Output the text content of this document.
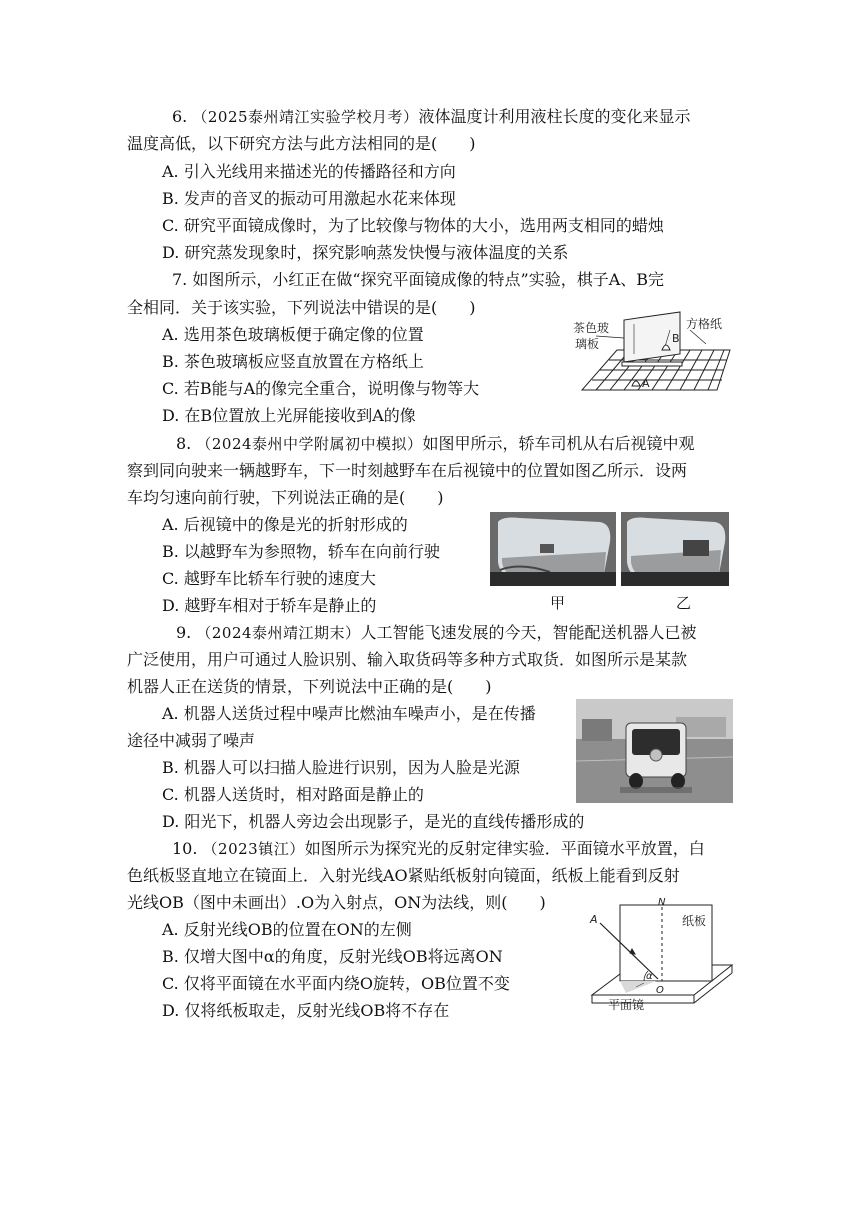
6. （2025泰州靖江实验学校月考）液体温度计利用液柱长度的变化来显示
温度高低，以下研究方法与此方法相同的是(　　)
A. 引入光线用来描述光的传播路径和方向
B. 发声的音叉的振动可用激起水花来体现
C. 研究平面镜成像时，为了比较像与物体的大小，选用两支相同的蜡烛
D. 研究蒸发现象时，探究影响蒸发快慢与液体温度的关系
7. 如图所示，小红正在做“探究平面镜成像的特点”实验，棋子A、B完
全相同．关于该实验，下列说法中错误的是(　　)
A. 选用茶色玻璃板便于确定像的位置
B. 茶色玻璃板应竖直放置在方格纸上
C. 若B能与A的像完全重合，说明像与物等大
D. 在B位置放上光屏能接收到A的像
茶色玻
璃板
方格纸
B
A
8. （2024泰州中学附属初中模拟）如图甲所示，轿车司机从右后视镜中观
察到同向驶来一辆越野车，下一时刻越野车在后视镜中的位置如图乙所示．设两
车均匀速向前行驶，下列说法正确的是(　　)
A. 后视镜中的像是光的折射形成的
B. 以越野车为参照物，轿车在向前行驶
C. 越野车比轿车行驶的速度大
D. 越野车相对于轿车是静止的	甲	乙
9. （2024泰州靖江期末）人工智能飞速发展的今天，智能配送机器人已被
广泛使用，用户可通过人脸识别、输入取货码等多种方式取货．如图所示是某款
机器人正在送货的情景，下列说法中正确的是(　　)
A. 机器人送货过程中噪声比燃油车噪声小，是在传播
途径中减弱了噪声
B. 机器人可以扫描人脸进行识别，因为人脸是光源
C. 机器人送货时，相对路面是静止的
D. 阳光下，机器人旁边会出现影子，是光的直线传播形成的
10. （2023镇江）如图所示为探究光的反射定律实验．平面镜水平放置，白
色纸板竖直地立在镜面上．入射光线AO紧贴纸板射向镜面，纸板上能看到反射
光线OB（图中未画出）.O为入射点，ON为法线，则(　　)
A. 反射光线OB的位置在ON的左侧
B. 仅增大图中α的角度，反射光线OB将远离ON
C. 仅将平面镜在水平面内绕O旋转，OB位置不变
D. 仅将纸板取走，反射光线OB将不存在
A
N
O
α
纸板
平面镜
